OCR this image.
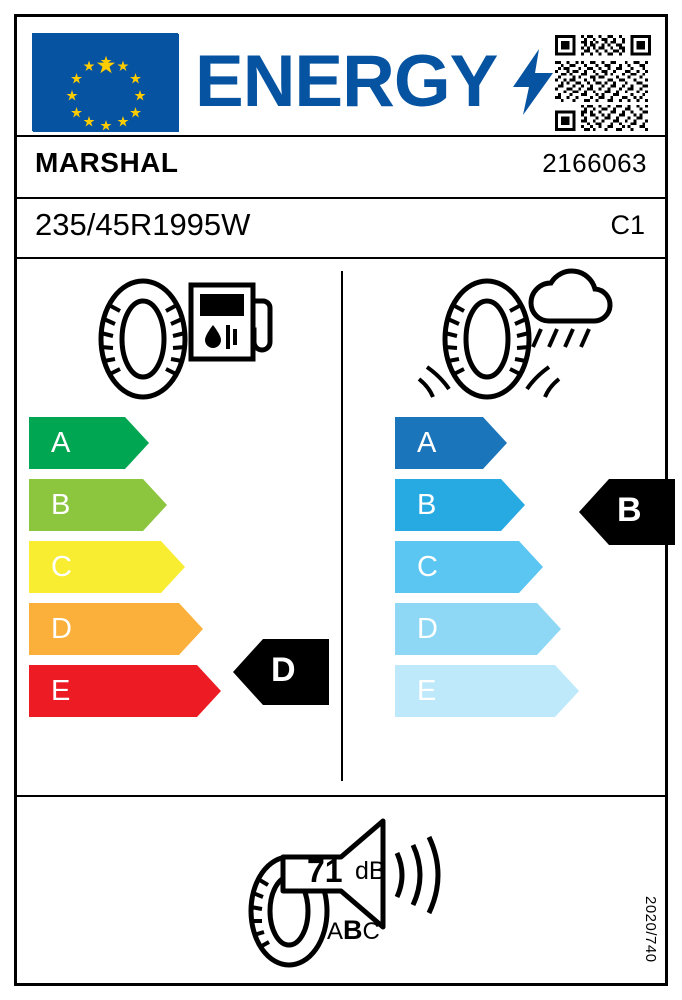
ENERGY
MARSHAL	2166063
235/45R1995W	C1
A
B
C
D
E
D
A
B
C
D
E
B
71 dB
ABC	2020/740
